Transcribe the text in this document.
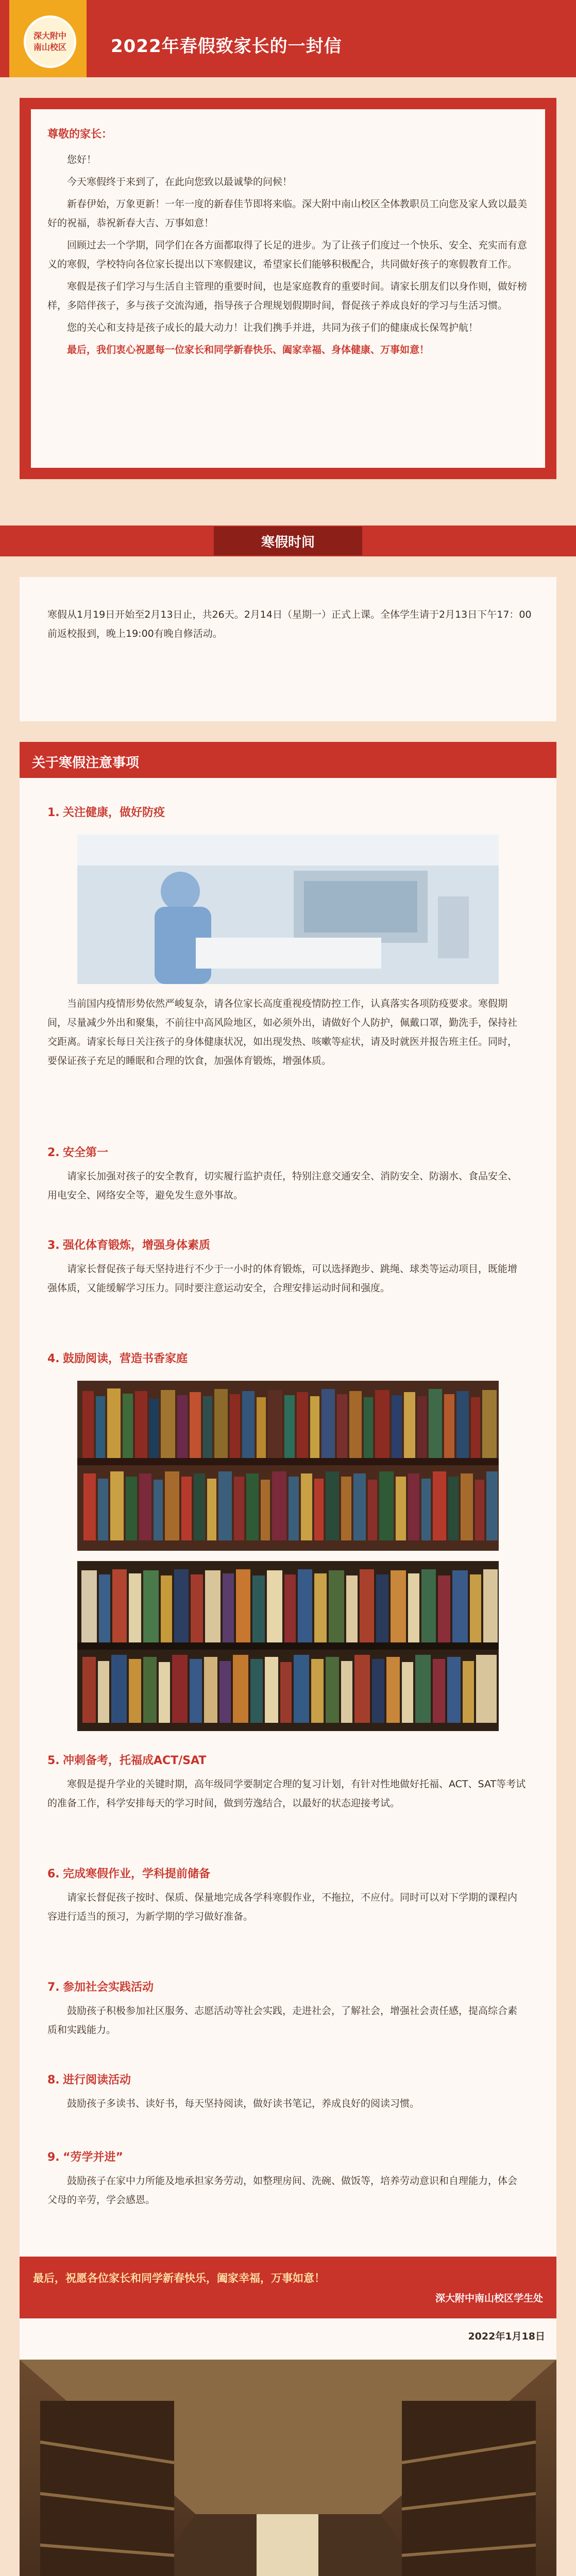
深大附中
南山校区	2022年春假致家长的一封信
尊敬的家长：

您好！

今天寒假终于来到了，在此向您致以最诚挚的问候！

新春伊始，万象更新！一年一度的新春佳节即将来临。深大附中南山校区全体教职员工向您及家人致以最美好的祝福，恭祝新春大吉、万事如意！

回顾过去一个学期，同学们在各方面都取得了长足的进步。为了让孩子们度过一个快乐、安全、充实而有意义的寒假，学校特向各位家长提出以下寒假建议，希望家长们能够积极配合，共同做好孩子的寒假教育工作。

寒假是孩子们学习与生活自主管理的重要时间，也是家庭教育的重要时间。请家长朋友们以身作则，做好榜样，多陪伴孩子，多与孩子交流沟通，指导孩子合理规划假期时间，督促孩子养成良好的学习与生活习惯。

您的关心和支持是孩子成长的最大动力！让我们携手并进，共同为孩子们的健康成长保驾护航！

最后，我们衷心祝愿每一位家长和同学新春快乐、阖家幸福、身体健康、万事如意！

寒假时间

寒假从1月19日开始至2月13日止，共26天。2月14日（星期一）正式上课。全体学生请于2月13日下午17：00前返校报到，晚上19:00有晚自修活动。

关于寒假注意事项

1. 关注健康，做好防疫

当前国内疫情形势依然严峻复杂，请各位家长高度重视疫情防控工作，认真落实各项防疫要求。寒假期间，尽量减少外出和聚集，不前往中高风险地区，如必须外出，请做好个人防护，佩戴口罩，勤洗手，保持社交距离。请家长每日关注孩子的身体健康状况，如出现发热、咳嗽等症状，请及时就医并报告班主任。同时，要保证孩子充足的睡眠和合理的饮食，加强体育锻炼，增强体质。

2. 安全第一

请家长加强对孩子的安全教育，切实履行监护责任，特别注意交通安全、消防安全、防溺水、食品安全、用电安全、网络安全等，避免发生意外事故。

3. 强化体育锻炼，增强身体素质

请家长督促孩子每天坚持进行不少于一小时的体育锻炼，可以选择跑步、跳绳、球类等运动项目，既能增强体质，又能缓解学习压力。同时要注意运动安全，合理安排运动时间和强度。

4. 鼓励阅读，营造书香家庭

5. 冲刺备考，托福成ACT/SAT

寒假是提升学业的关键时期，高年级同学要制定合理的复习计划，有针对性地做好托福、ACT、SAT等考试的准备工作，科学安排每天的学习时间，做到劳逸结合，以最好的状态迎接考试。

6. 完成寒假作业，学科提前储备

请家长督促孩子按时、保质、保量地完成各学科寒假作业，不拖拉，不应付。同时可以对下学期的课程内容进行适当的预习，为新学期的学习做好准备。

7. 参加社会实践活动

鼓励孩子积极参加社区服务、志愿活动等社会实践，走进社会，了解社会，增强社会责任感，提高综合素质和实践能力。

8. 进行阅读活动

鼓励孩子多读书、读好书，每天坚持阅读，做好读书笔记，养成良好的阅读习惯。

9. “劳学并进”

鼓励孩子在家中力所能及地承担家务劳动，如整理房间、洗碗、做饭等，培养劳动意识和自理能力，体会父母的辛劳，学会感恩。

最后，祝愿各位家长和同学新春快乐，阖家幸福，万事如意！
深大附中南山校区学生处
2022年1月18日
